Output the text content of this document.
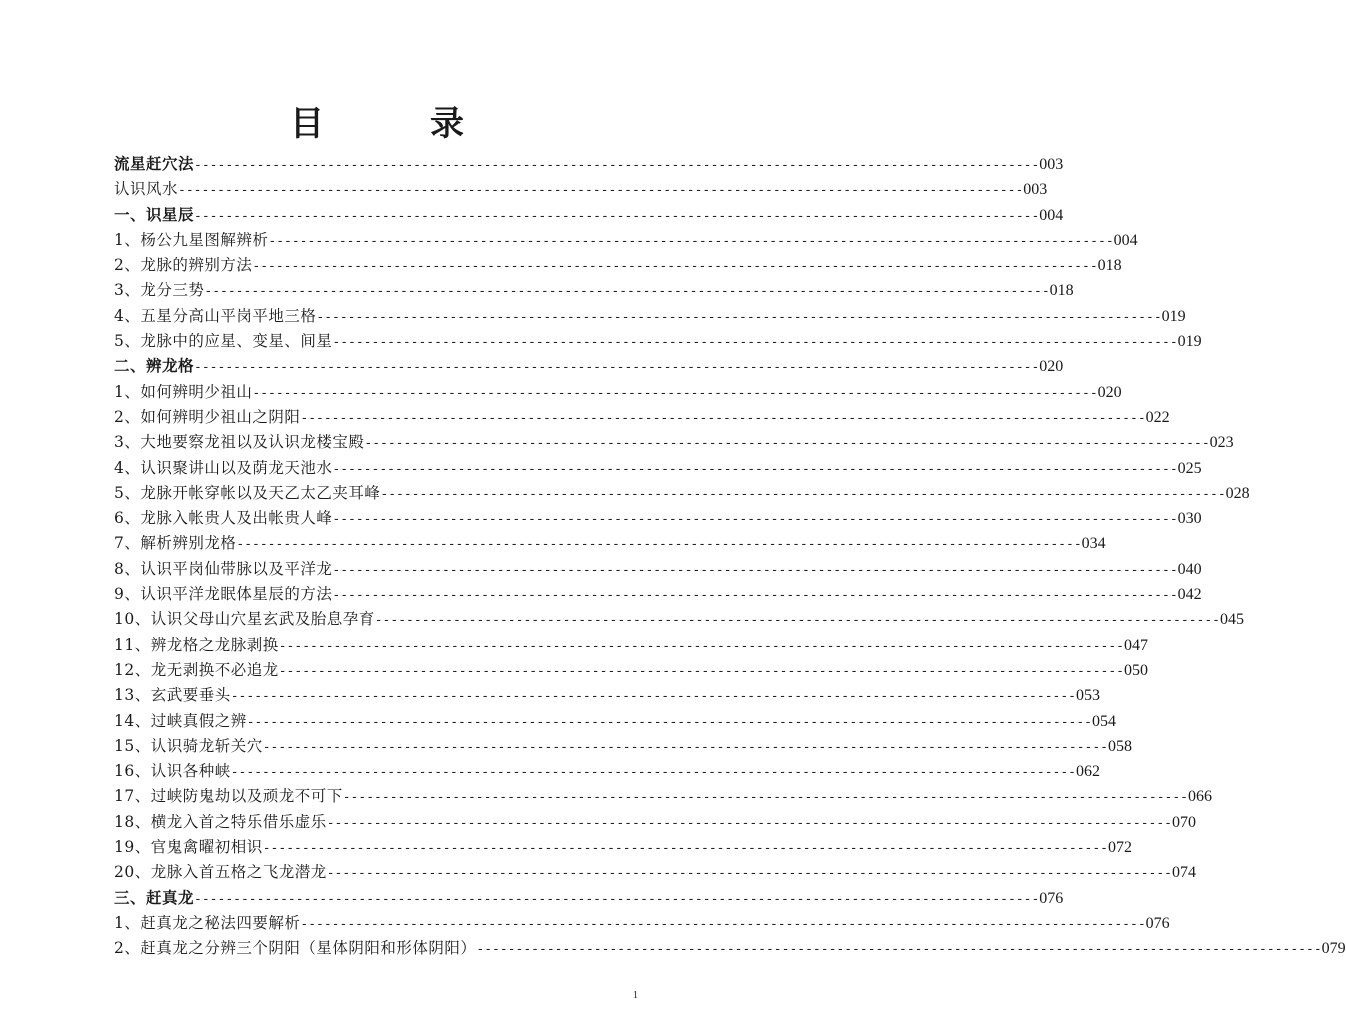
目　录
流星赶穴法 ------------------------------------------------------------------------------------------------------------ 003
认识风水 ------------------------------------------------------------------------------------------------------------ 003
一、识星辰 ------------------------------------------------------------------------------------------------------------ 004
1、杨公九星图解辨析 ------------------------------------------------------------------------------------------------------------ 004
2、龙脉的辨别方法 ------------------------------------------------------------------------------------------------------------ 018
3、龙分三势 ------------------------------------------------------------------------------------------------------------ 018
4、五星分高山平岗平地三格 ------------------------------------------------------------------------------------------------------------ 019
5、龙脉中的应星、变星、间星 ------------------------------------------------------------------------------------------------------------ 019
二、辨龙格 ------------------------------------------------------------------------------------------------------------ 020
1、如何辨明少祖山 ------------------------------------------------------------------------------------------------------------ 020
2、如何辨明少祖山之阴阳 ------------------------------------------------------------------------------------------------------------ 022
3、大地要察龙祖以及认识龙楼宝殿 ------------------------------------------------------------------------------------------------------------ 023
4、认识聚讲山以及荫龙天池水 ------------------------------------------------------------------------------------------------------------ 025
5、龙脉开帐穿帐以及天乙太乙夹耳峰 ------------------------------------------------------------------------------------------------------------ 028
6、龙脉入帐贵人及出帐贵人峰 ------------------------------------------------------------------------------------------------------------ 030
7、解析辨别龙格 ------------------------------------------------------------------------------------------------------------ 034
8、认识平岗仙带脉以及平洋龙 ------------------------------------------------------------------------------------------------------------ 040
9、认识平洋龙眠体星辰的方法 ------------------------------------------------------------------------------------------------------------ 042
10、认识父母山穴星玄武及胎息孕育 ------------------------------------------------------------------------------------------------------------ 045
11、辨龙格之龙脉剥换 ------------------------------------------------------------------------------------------------------------ 047
12、龙无剥换不必追龙 ------------------------------------------------------------------------------------------------------------ 050
13、玄武要垂头 ------------------------------------------------------------------------------------------------------------ 053
14、过峡真假之辨 ------------------------------------------------------------------------------------------------------------ 054
15、认识骑龙斩关穴 ------------------------------------------------------------------------------------------------------------ 058
16、认识各种峡 ------------------------------------------------------------------------------------------------------------ 062
17、过峡防鬼劫以及顽龙不可下 ------------------------------------------------------------------------------------------------------------ 066
18、横龙入首之特乐借乐虚乐 ------------------------------------------------------------------------------------------------------------ 070
19、官鬼禽曜初相识 ------------------------------------------------------------------------------------------------------------ 072
20、龙脉入首五格之飞龙潜龙 ------------------------------------------------------------------------------------------------------------ 074
三、赶真龙 ------------------------------------------------------------------------------------------------------------ 076
1、赶真龙之秘法四要解析 ------------------------------------------------------------------------------------------------------------ 076
2、赶真龙之分辨三个阴阳（星体阴阳和形体阴阳） ------------------------------------------------------------------------------------------------------------ 079
1
